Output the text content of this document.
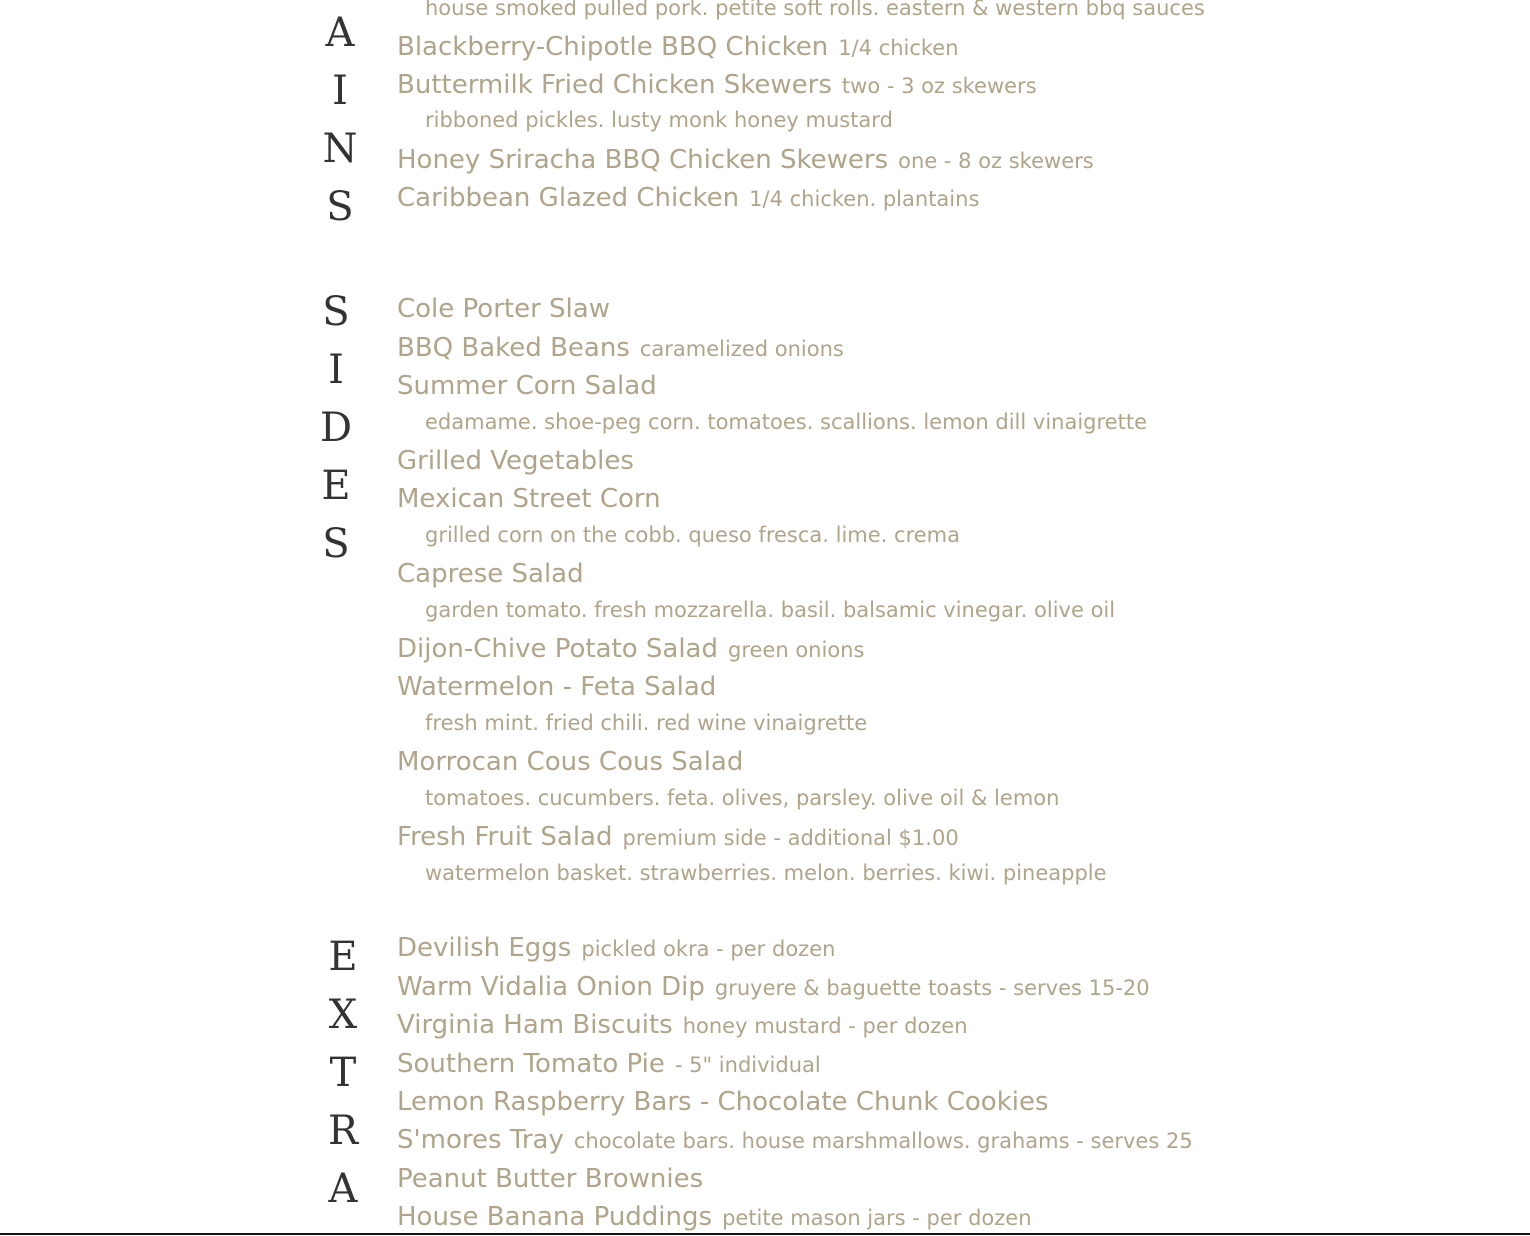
A
I
N
S
house smoked pulled pork. petite soft rolls. eastern & western bbq sauces
Blackberry-Chipotle BBQ Chicken 1/4 chicken
Buttermilk Fried Chicken Skewers two - 3 oz skewers
ribboned pickles. lusty monk honey mustard
Honey Sriracha BBQ Chicken Skewers one - 8 oz skewers
Caribbean Glazed Chicken 1/4 chicken. plantains
S
I
D
E
S
Cole Porter Slaw
BBQ Baked Beans caramelized onions
Summer Corn Salad
edamame. shoe-peg corn. tomatoes. scallions. lemon dill vinaigrette
Grilled Vegetables
Mexican Street Corn
grilled corn on the cobb. queso fresca. lime. crema
Caprese Salad
garden tomato. fresh mozzarella. basil. balsamic vinegar. olive oil
Dijon-Chive Potato Salad green onions
Watermelon - Feta Salad
fresh mint. fried chili. red wine vinaigrette
Morrocan Cous Cous Salad
tomatoes. cucumbers. feta. olives, parsley. olive oil & lemon
Fresh Fruit Salad premium side - additional $1.00
watermelon basket. strawberries. melon. berries. kiwi. pineapple
E
X
T
R
A
Devilish Eggs pickled okra - per dozen
Warm Vidalia Onion Dip gruyere & baguette toasts - serves 15-20
Virginia Ham Biscuits honey mustard - per dozen
Southern Tomato Pie - 5" individual
Lemon Raspberry Bars - Chocolate Chunk Cookies
S'mores Tray chocolate bars. house marshmallows. grahams - serves 25
Peanut Butter Brownies
House Banana Puddings petite mason jars - per dozen
